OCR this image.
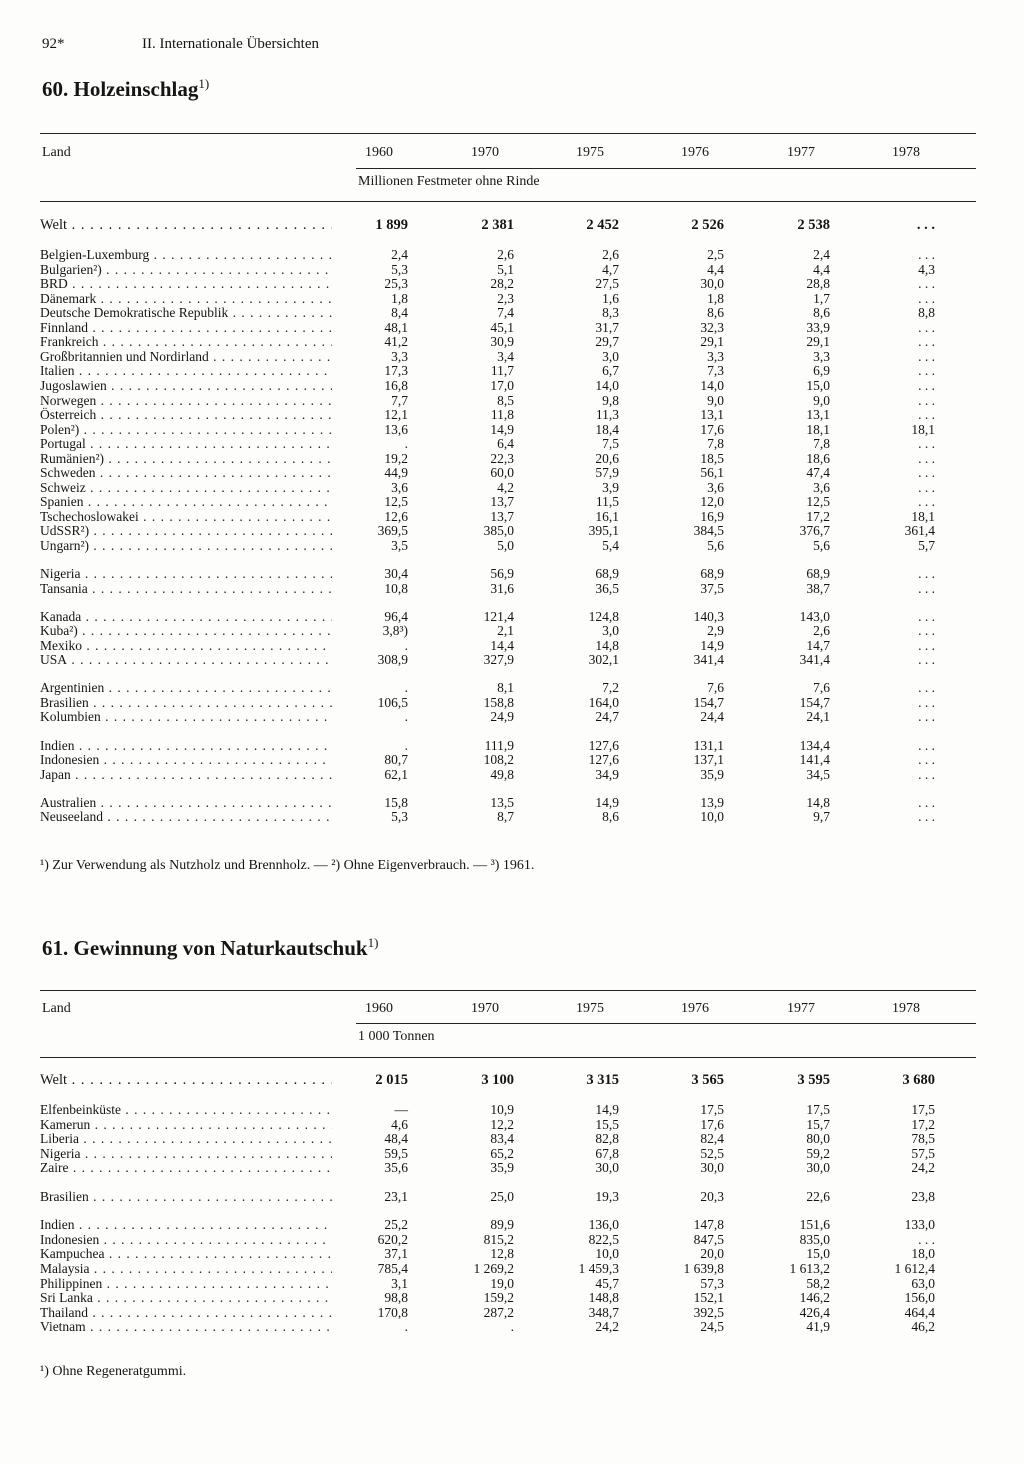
92*	II. Internationale Übersichten
60. Holzeinschlag$^{1)}$
Land	1960	1970	1975	1976	1977	1978
Millionen Festmeter ohne Rinde
Welt . . .	1 899	2 381	2 452	2 526	2 538	. . .
Belgien-Luxemburg . . .	2,4	2,6	2,6	2,5	2,4	. . .
Bulgarien²) . . .	5,3	5,1	4,7	4,4	4,4	4,3
BRD . . .	25,3	28,2	27,5	30,0	28,8	. . .
Dänemark . . .	1,8	2,3	1,6	1,8	1,7	. . .
Deutsche Demokratische Republik . . .	8,4	7,4	8,3	8,6	8,6	8,8
Finnland . . .	48,1	45,1	31,7	32,3	33,9	. . .
Frankreich . . .	41,2	30,9	29,7	29,1	29,1	. . .
Großbritannien und Nordirland . . .	3,3	3,4	3,0	3,3	3,3	. . .
Italien . . .	17,3	11,7	6,7	7,3	6,9	. . .
Jugoslawien . . .	16,8	17,0	14,0	14,0	15,0	. . .
Norwegen . . .	7,7	8,5	9,8	9,0	9,0	. . .
Österreich . . .	12,1	11,8	11,3	13,1	13,1	. . .
Polen²) . . .	13,6	14,9	18,4	17,6	18,1	18,1
Portugal . . .	.	6,4	7,5	7,8	7,8	. . .
Rumänien²) . . .	19,2	22,3	20,6	18,5	18,6	. . .
Schweden . . .	44,9	60,0	57,9	56,1	47,4	. . .
Schweiz . . .	3,6	4,2	3,9	3,6	3,6	. . .
Spanien . . .	12,5	13,7	11,5	12,0	12,5	. . .
Tschechoslowakei . . .	12,6	13,7	16,1	16,9	17,2	18,1
UdSSR²) . . .	369,5	385,0	395,1	384,5	376,7	361,4
Ungarn²) . . .	3,5	5,0	5,4	5,6	5,6	5,7
Nigeria . . .	30,4	56,9	68,9	68,9	68,9	. . .
Tansania . . .	10,8	31,6	36,5	37,5	38,7	. . .
Kanada . . .	96,4	121,4	124,8	140,3	143,0	. . .
Kuba²) . . .	3,8³)	2,1	3,0	2,9	2,6	. . .
Mexiko . . .	.	14,4	14,8	14,9	14,7	. . .
USA . . .	308,9	327,9	302,1	341,4	341,4	. . .
Argentinien . . .	.	8,1	7,2	7,6	7,6	. . .
Brasilien . . .	106,5	158,8	164,0	154,7	154,7	. . .
Kolumbien . . .	.	24,9	24,7	24,4	24,1	. . .
Indien . . .	.	111,9	127,6	131,1	134,4	. . .
Indonesien . . .	80,7	108,2	127,6	137,1	141,4	. . .
Japan . . .	62,1	49,8	34,9	35,9	34,5	. . .
Australien . . .	15,8	13,5	14,9	13,9	14,8	. . .
Neuseeland . . .	5,3	8,7	8,6	10,0	9,7	. . .
¹) Zur Verwendung als Nutzholz und Brennholz. — ²) Ohne Eigenverbrauch. — ³) 1961.
61. Gewinnung von Naturkautschuk$^{1)}$
Land	1960	1970	1975	1976	1977	1978
1 000 Tonnen
Welt . . .	2 015	3 100	3 315	3 565	3 595	3 680
Elfenbeinküste . . .	—	10,9	14,9	17,5	17,5	17,5
Kamerun . . .	4,6	12,2	15,5	17,6	15,7	17,2
Liberia . . .	48,4	83,4	82,8	82,4	80,0	78,5
Nigeria . . .	59,5	65,2	67,8	52,5	59,2	57,5
Zaire . . .	35,6	35,9	30,0	30,0	30,0	24,2
Brasilien . . .	23,1	25,0	19,3	20,3	22,6	23,8
Indien . . .	25,2	89,9	136,0	147,8	151,6	133,0
Indonesien . . .	620,2	815,2	822,5	847,5	835,0	. . .
Kampuchea . . .	37,1	12,8	10,0	20,0	15,0	18,0
Malaysia . . .	785,4	1 269,2	1 459,3	1 639,8	1 613,2	1 612,4
Philippinen . . .	3,1	19,0	45,7	57,3	58,2	63,0
Sri Lanka . . .	98,8	159,2	148,8	152,1	146,2	156,0
Thailand . . .	170,8	287,2	348,7	392,5	426,4	464,4
Vietnam . . .	.	.	24,2	24,5	41,9	46,2
¹) Ohne Regeneratgummi.
